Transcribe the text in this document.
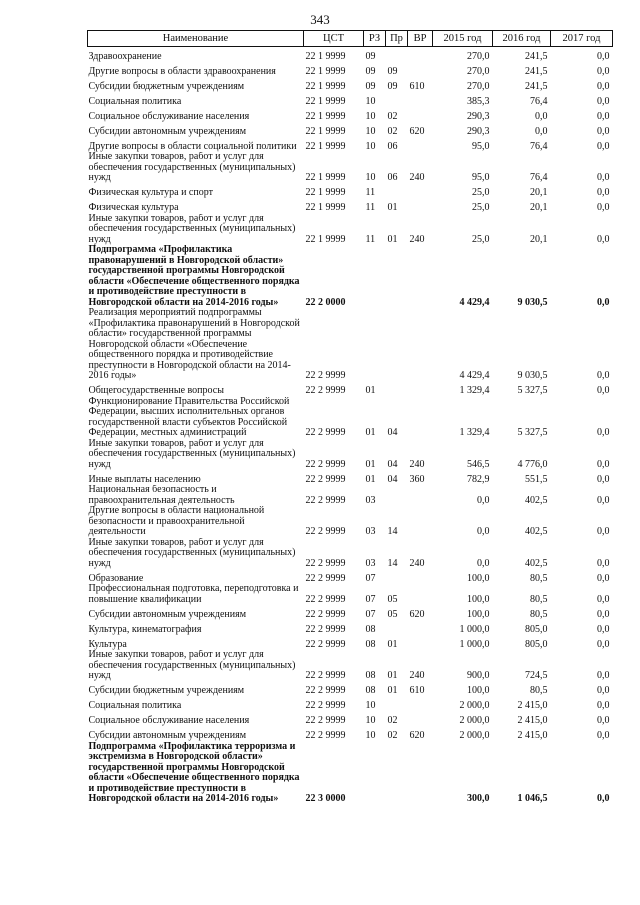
343
Наименование	ЦСТ	РЗ	Пр	ВР	2015 год	2016 год	2017 год
Здравоохранение	22 1 9999	09			270,0	241,5	0,0
Другие вопросы в области здравоохранения	22 1 9999	09	09		270,0	241,5	0,0
Субсидии бюджетным учреждениям	22 1 9999	09	09	610	270,0	241,5	0,0
Социальная политика	22 1 9999	10			385,3	76,4	0,0
Социальное обслуживание населения	22 1 9999	10	02		290,3	0,0	0,0
Субсидии автономным учреждениям	22 1 9999	10	02	620	290,3	0,0	0,0
Другие вопросы в области социальной политики	22 1 9999	10	06		95,0	76,4	0,0
Иные закупки товаров, работ и услуг для обеспечения государственных (муниципальных) нужд	22 1 9999	10	06	240	95,0	76,4	0,0
Физическая культура и спорт	22 1 9999	11			25,0	20,1	0,0
Физическая культура	22 1 9999	11	01		25,0	20,1	0,0
Иные закупки товаров, работ и услуг для обеспечения государственных (муниципальных) нужд	22 1 9999	11	01	240	25,0	20,1	0,0
Подпрограмма «Профилактика правонарушений в Новгородской области» государственной программы Новгородской области «Обеспечение общественного порядка и противодействие преступности в Новгородской области на 2014-2016 годы»	22 2 0000				4 429,4	9 030,5	0,0
Реализация мероприятий подпрограммы «Профилактика правонарушений в Новгородской области» государственной программы Новгородской области «Обеспечение общественного порядка и противодействие преступности в Новгородской области на 2014-2016 годы»	22 2 9999				4 429,4	9 030,5	0,0
Общегосударственные вопросы	22 2 9999	01			1 329,4	5 327,5	0,0
Функционирование Правительства Российской Федерации, высших исполнительных органов государственной власти субъектов Российской Федерации, местных администраций	22 2 9999	01	04		1 329,4	5 327,5	0,0
Иные закупки товаров, работ и услуг для обеспечения государственных (муниципальных) нужд	22 2 9999	01	04	240	546,5	4 776,0	0,0
Иные выплаты населению	22 2 9999	01	04	360	782,9	551,5	0,0
Национальная безопасность и правоохранительная деятельность	22 2 9999	03			0,0	402,5	0,0
Другие вопросы в области национальной безопасности и правоохранительной деятельности	22 2 9999	03	14		0,0	402,5	0,0
Иные закупки товаров, работ и услуг для обеспечения государственных (муниципальных) нужд	22 2 9999	03	14	240	0,0	402,5	0,0
Образование	22 2 9999	07			100,0	80,5	0,0
Профессиональная подготовка, переподготовка и повышение квалификации	22 2 9999	07	05		100,0	80,5	0,0
Субсидии автономным учреждениям	22 2 9999	07	05	620	100,0	80,5	0,0
Культура, кинематография	22 2 9999	08			1 000,0	805,0	0,0
Культура	22 2 9999	08	01		1 000,0	805,0	0,0
Иные закупки товаров, работ и услуг для обеспечения государственных (муниципальных) нужд	22 2 9999	08	01	240	900,0	724,5	0,0
Субсидии бюджетным учреждениям	22 2 9999	08	01	610	100,0	80,5	0,0
Социальная политика	22 2 9999	10			2 000,0	2 415,0	0,0
Социальное обслуживание населения	22 2 9999	10	02		2 000,0	2 415,0	0,0
Субсидии автономным учреждениям	22 2 9999	10	02	620	2 000,0	2 415,0	0,0
Подпрограмма «Профилактика терроризма и экстремизма в Новгородской области» государственной программы Новгородской области «Обеспечение общественного порядка и противодействие преступности в Новгородской области на 2014-2016 годы»	22 3 0000				300,0	1 046,5	0,0
